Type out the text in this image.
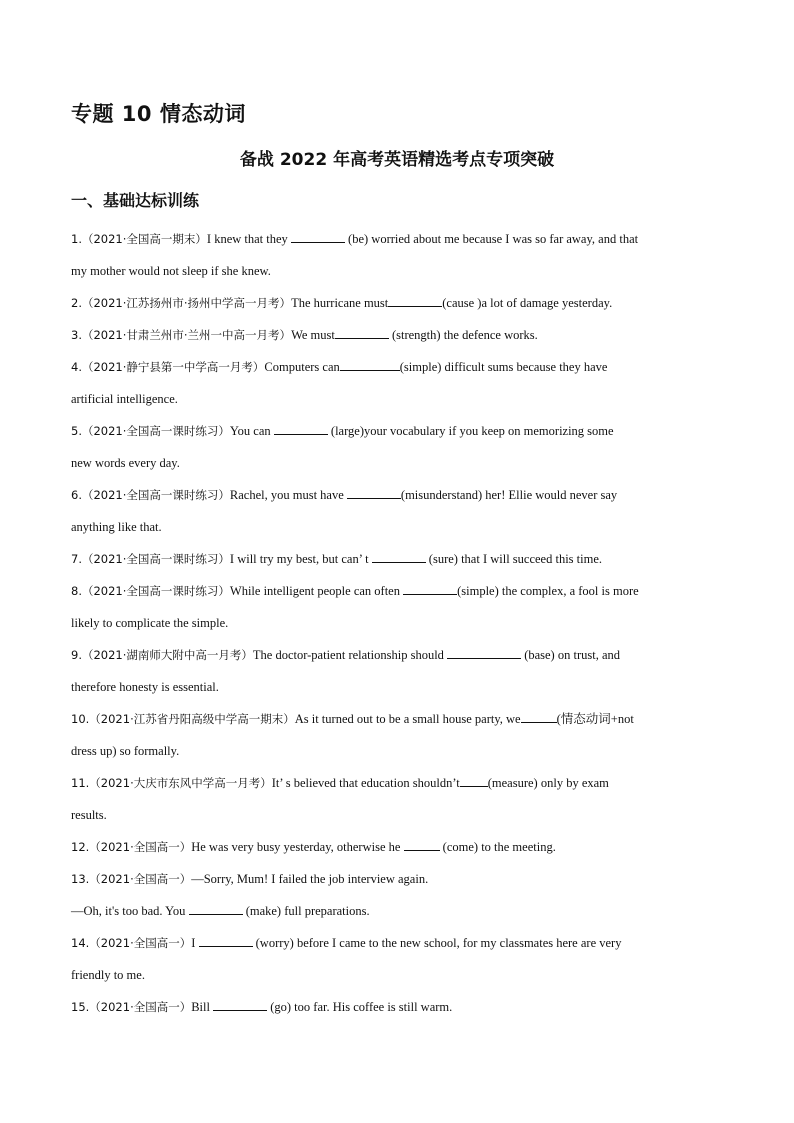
专题 10 情态动词
备战 2022 年高考英语精选考点专项突破
一、基础达标训练
1.（2021·全国高一期末）I knew that they	(be) worried about me because I was so far away, and that
my mother would not sleep if she knew.
2.（2021·江苏扬州市·扬州中学高一月考）The hurricane must	(cause )a lot of damage yesterday.
3.（2021·甘肃兰州市·兰州一中高一月考）We must	(strength) the defence works.
4.（2021·静宁县第一中学高一月考）Computers can	(simple) difficult sums because they have
artificial intelligence.
5.（2021·全国高一课时练习）You can	(large)your vocabulary if you keep on memorizing some
new words every day.
6.（2021·全国高一课时练习）Rachel, you must have	(misunderstand) her! Ellie would never say
anything like that.
7.（2021·全国高一课时练习）I will try my best, but can’ t	(sure) that I will succeed this time.
8.（2021·全国高一课时练习）While intelligent people can often	(simple) the complex, a fool is more
likely to complicate the simple.
9.（2021·湖南师大附中高一月考）The doctor-patient relationship should	(base) on trust, and
therefore honesty is essential.
10.（2021·江苏省丹阳高级中学高一期末）As it turned out to be a small house party, we	(情态动词+not
dress up) so formally.
11.（2021·大庆市东风中学高一月考）It’ s believed that education shouldn’t (measure) only by exam
results.
12.（2021·全国高一）He was very busy yesterday, otherwise he	(come) to the meeting.
13.（2021·全国高一）—Sorry, Mum! I failed the job interview again.
—Oh, it's too bad. You	(make) full preparations.
14.（2021·全国高一）I	(worry) before I came to the new school, for my classmates here are very
friendly to me.
15.（2021·全国高一）Bill	(go) too far. His coffee is still warm.
